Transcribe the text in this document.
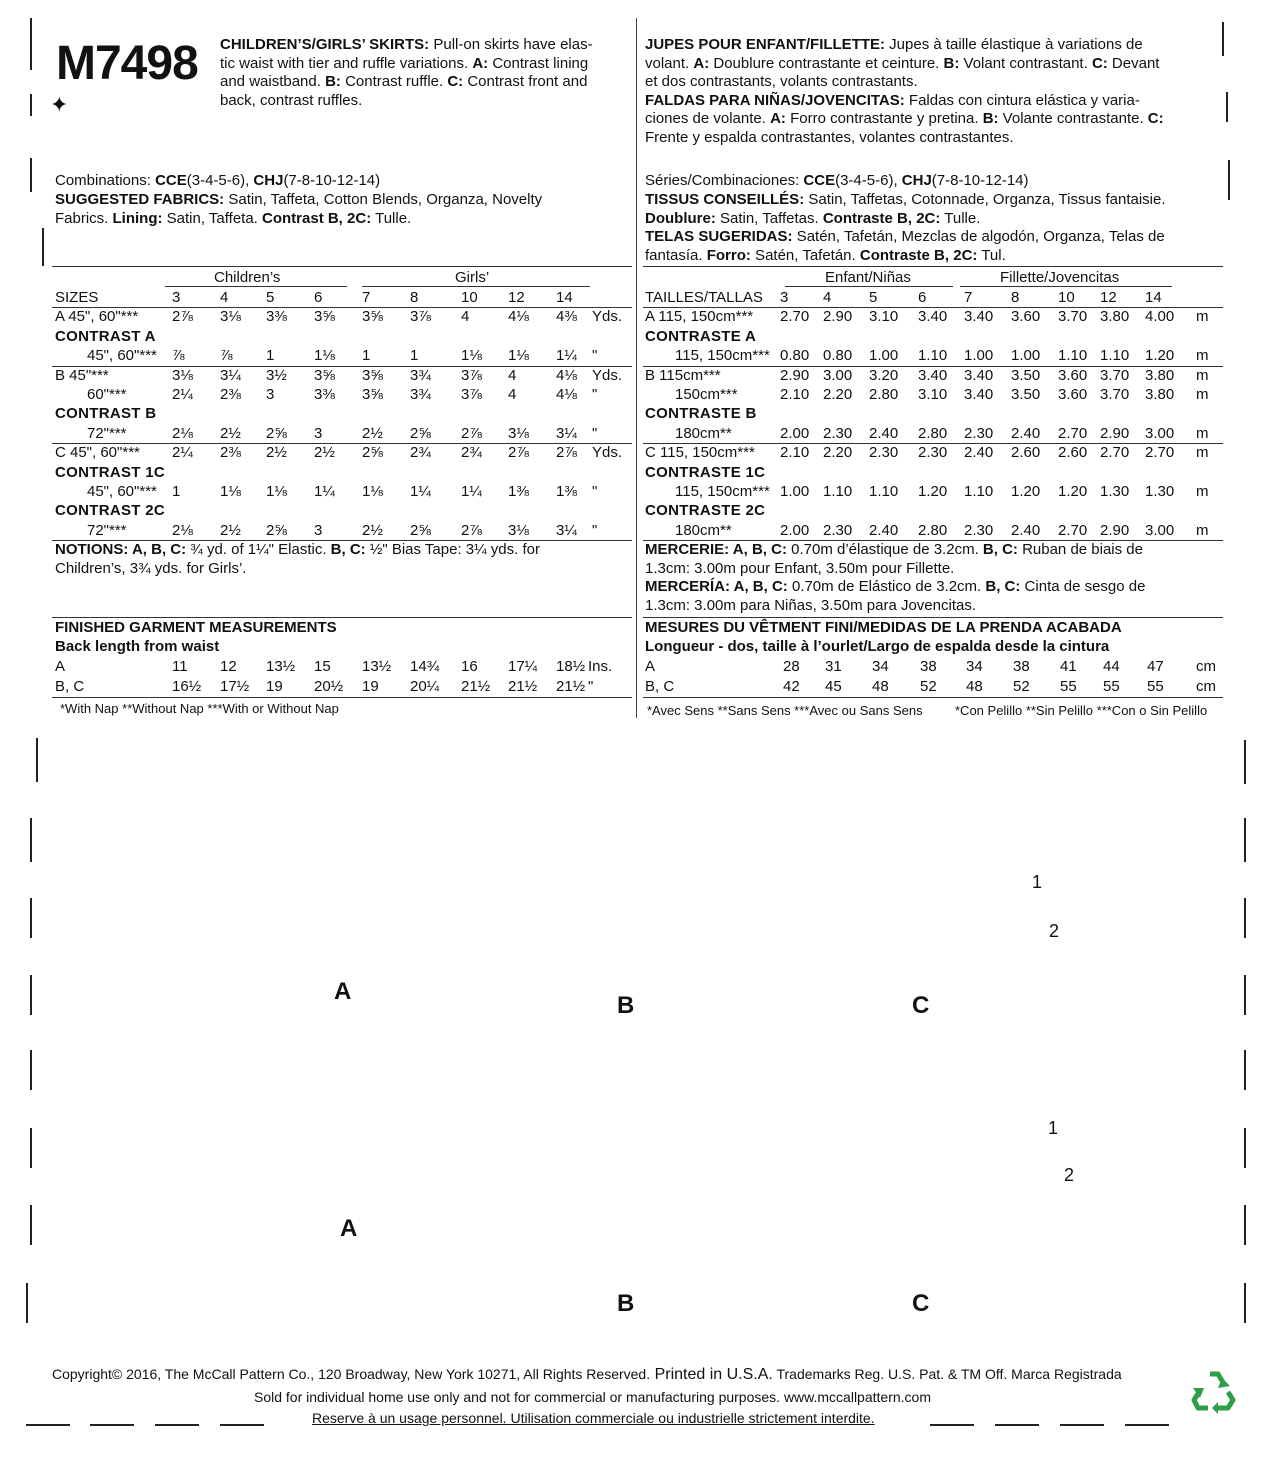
M7498
✦
CHILDREN’S/GIRLS’ SKIRTS: Pull-on skirts have elas-
tic waist with tier and ruffle variations. A: Contrast lining
and waistband. B: Contrast ruffle. C: Contrast front and
back, contrast ruffles.
JUPES POUR ENFANT/FILLETTE: Jupes à taille élastique à variations de
volant. A: Doublure contrastante et ceinture. B: Volant contrastant. C: Devant
et dos contrastants, volants contrastants.
FALDAS PARA NIÑAS/JOVENCITAS: Faldas con cintura elástica y varia-
ciones de volante. A: Forro contrastante y pretina. B: Volante contrastante. C:
Frente y espalda contrastantes, volantes contrastantes.
Combinations: CCE(3-4-5-6), CHJ(7-8-10-12-14)
SUGGESTED FABRICS: Satin, Taffeta, Cotton Blends, Organza, Novelty
Fabrics. Lining: Satin, Taffeta. Contrast B, 2C: Tulle.
Séries/Combinaciones: CCE(3-4-5-6), CHJ(7-8-10-12-14)
TISSUS CONSEILLÉS: Satin, Taffetas, Cotonnade, Organza, Tissus fantaisie.
Doublure: Satin, Taffetas. Contraste B, 2C: Tulle.
TELAS SUGERIDAS: Satén, Tafetán, Mezclas de algodón, Organza, Telas de
fantasía. Forro: Satén, Tafetán. Contraste B, 2C: Tul.
Children’s	Girls’
SIZES	3	4	5	6	7	8	10 12 14
A 45", 60"*** 2⅞ 3⅛ 3⅜ 3⅝ 3⅝ 3⅞ 4	4⅛ 4⅜ Yds.
CONTRAST A
45", 60"*** ⅞ ⅞ 1	1⅛ 1	1	1⅛ 1⅛ 1¼ "
B 45"***	3⅛ 3¼ 3½ 3⅝ 3⅝ 3¾ 3⅞ 4	4⅛ Yds.
60"***	2¼ 2⅜ 3	3⅜ 3⅝ 3¾ 3⅞ 4	4⅛ "
CONTRAST B
72"***	2⅛ 2½ 2⅝ 3	2½ 2⅝ 2⅞ 3⅛ 3¼ "
C 45", 60"*** 2¼ 2⅜ 2½ 2½ 2⅝ 2¾ 2¾ 2⅞ 2⅞ Yds.
CONTRAST 1C
45", 60"*** 1	1⅛ 1⅛ 1¼ 1⅛ 1¼ 1¼ 1⅜ 1⅜ "
CONTRAST 2C
72"***	2⅛ 2½ 2⅝ 3	2½ 2⅝ 2⅞ 3⅛ 3¼ "
Enfant/Niñas	Fillette/Jovencitas
TAILLES/TALLAS 3 4	5	6	7	8	10 12 14
A 115, 150cm*** 2.70 2.90 3.10 3.40 3.40 3.60 3.70 3.80 4.00 m
CONTRASTE A
115, 150cm*** 0.80 0.80 1.00 1.10 1.00 1.00 1.10 1.10 1.20 m
B 115cm***	2.90 3.00 3.20 3.40 3.40 3.50 3.60 3.70 3.80 m
150cm***	2.10 2.20 2.80 3.10 3.40 3.50 3.60 3.70 3.80 m
CONTRASTE B
180cm**	2.00 2.30 2.40 2.80 2.30 2.40 2.70 2.90 3.00 m
C 115, 150cm*** 2.10 2.20 2.30 2.30 2.40 2.60 2.60 2.70 2.70 m
CONTRASTE 1C
115, 150cm*** 1.00 1.10 1.10 1.20 1.10 1.20 1.20 1.30 1.30 m
CONTRASTE 2C
180cm**	2.00 2.30 2.40 2.80 2.30 2.40 2.70 2.90 3.00 m
NOTIONS: A, B, C: ¾ yd. of 1¼" Elastic. B, C: ½" Bias Tape: 3¼ yds. for
Children’s, 3¾ yds. for Girls’.
MERCERIE: A, B, C: 0.70m d’élastique de 3.2cm. B, C: Ruban de biais de
1.3cm: 3.00m pour Enfant, 3.50m pour Fillette.
MERCERÍA: A, B, C: 0.70m de Elástico de 3.2cm. B, C: Cinta de sesgo de
1.3cm: 3.00m para Niñas, 3.50m para Jovencitas.
FINISHED GARMENT MEASUREMENTS
Back length from waist
MESURES DU VÊTMENT FINI/MEDIDAS DE LA PRENDA ACABADA
Longueur - dos, taille à l’ourlet/Largo de espalda desde la cintura
A	11 12 13½ 15 13½ 14¾ 16 17¼ 18½ Ins.
B, C	16½ 17½ 19 20½ 19 20¼ 21½ 21½ 21½ "
A	28 31 34 38 34 38 41 44 47 cm
B, C	42 45 48 52 48 52 55 55 55 cm
*With Nap **Without Nap ***With or Without Nap	*Avec Sens **Sans Sens ***Avec ou Sans Sens *Con Pelillo **Sin Pelillo ***Con o Sin Pelillo
A
B	C
1
2
A
B	C
1
2
Copyright© 2016, The McCall Pattern Co., 120 Broadway, New York 10271, All Rights Reserved. Printed in U.S.A. Trademarks Reg. U.S. Pat. & TM Off. Marca Registrada
Sold for individual home use only and not for commercial or manufacturing purposes. www.mccallpattern.com
Reserve à un usage personnel. Utilisation commerciale ou industrielle strictement interdite.
